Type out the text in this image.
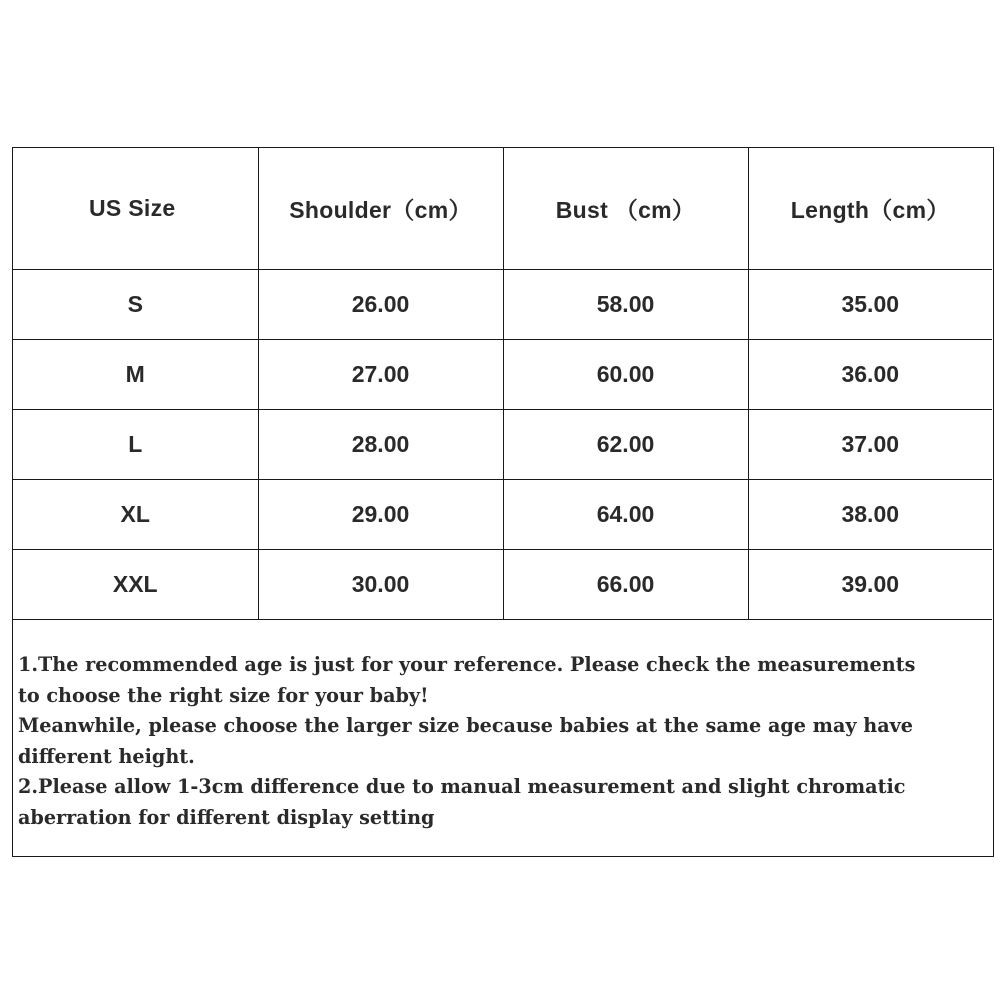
US Size	Shoulder（cm）	Bust （cm）	Length（cm）
S	26.00	58.00	35.00
M	27.00	60.00	36.00
L	28.00	62.00	37.00
XL	29.00	64.00	38.00
XXL	30.00	66.00	39.00

1.The recommended age is just for your reference. Please check the measurements

to choose the right size for your baby!

Meanwhile, please choose the larger size because babies at the same age may have

different height.

2.Please allow 1-3cm difference due to manual measurement and slight chromatic

aberration for different display setting
